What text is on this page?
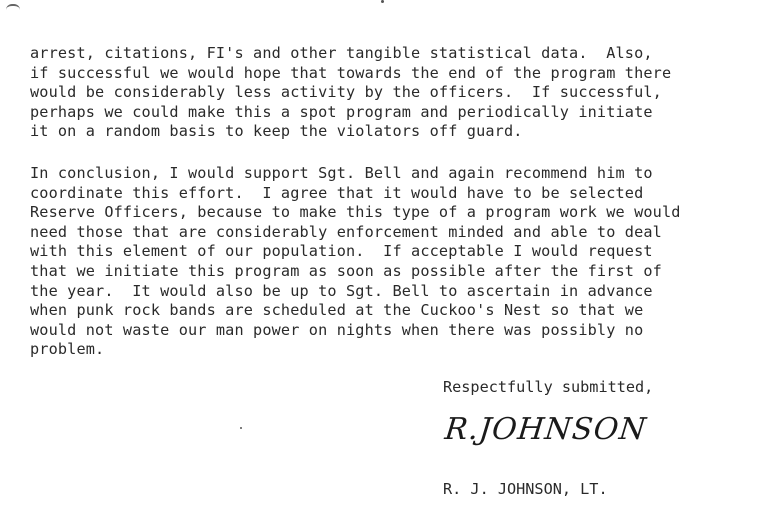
arrest, citations, FI's and other tangible statistical data.  Also,
if successful we would hope that towards the end of the program there
would be considerably less activity by the officers.  If successful,
perhaps we could make this a spot program and periodically initiate
it on a random basis to keep the violators off guard.
In conclusion, I would support Sgt. Bell and again recommend him to
coordinate this effort.  I agree that it would have to be selected
Reserve Officers, because to make this type of a program work we would
need those that are considerably enforcement minded and able to deal
with this element of our population.  If acceptable I would request
that we initiate this program as soon as possible after the first of
the year.  It would also be up to Sgt. Bell to ascertain in advance
when punk rock bands are scheduled at the Cuckoo's Nest so that we
would not waste our man power on nights when there was possibly no
problem.
Respectfully submitted,
R.JOHNSON
R. J. JOHNSON, LT.
